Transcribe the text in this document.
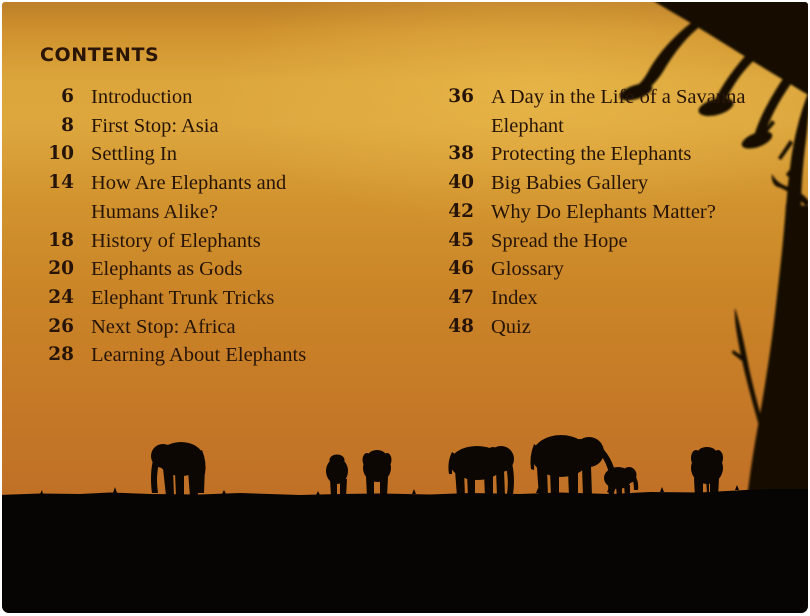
CONTENTS
6 Introduction
8 First Stop: Asia
10 Settling In
14 How Are Elephants and Humans Alike?
18 History of Elephants
20 Elephants as Gods
24 Elephant Trunk Tricks
26 Next Stop: Africa
28 Learning About Elephants
36 A Day in the Life of a Savanna Elephant
38 Protecting the Elephants
40 Big Babies Gallery
42 Why Do Elephants Matter?
45 Spread the Hope
46 Glossary
47 Index
48 Quiz
